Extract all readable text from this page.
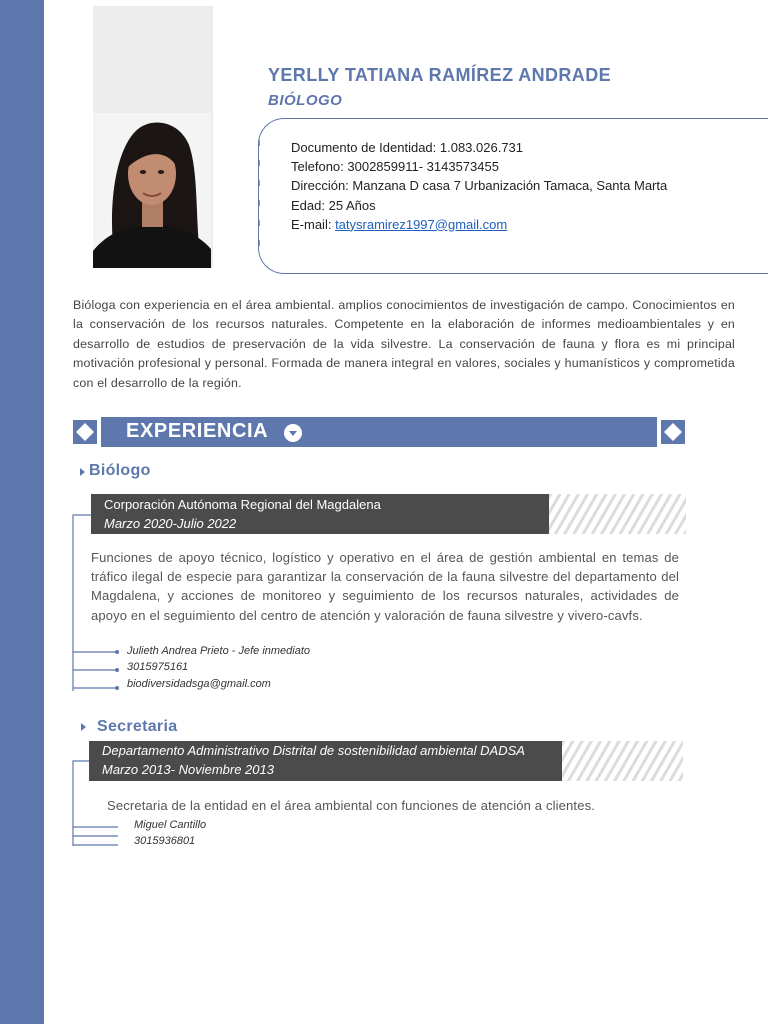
YERLLY TATIANA RAMÍREZ ANDRADE
BIÓLOGO
Documento de Identidad: 1.083.026.731
Telefono: 3002859911- 3143573455
Dirección: Manzana D casa 7 Urbanización Tamaca, Santa Marta
Edad: 25 Años
E-mail: tatysramirez1997@gmail.com

Bióloga con experiencia en el área ambiental. amplios conocimientos de investigación de campo. Conocimientos en la conservación de los recursos naturales. Competente en la elaboración de informes medioambientales y en desarrollo de estudios de preservación de la vida silvestre. La conservación de fauna y flora es mi principal motivación profesional y personal. Formada de manera integral en valores, sociales y humanísticos y comprometida con el desarrollo de la región.

EXPERIENCIA
Biólogo
Corporación Autónoma Regional del Magdalena
Marzo 2020-Julio 2022

Funciones de apoyo técnico, logístico y operativo en el área de gestión ambiental en temas de tráfico ilegal de especie para garantizar la conservación de la fauna silvestre del departamento del Magdalena, y acciones de monitoreo y seguimiento de los recursos naturales, actividades de apoyo en el seguimiento del centro de atención y valoración de fauna silvestre y vivero-cavfs.

Julieth Andrea Prieto - Jefe inmediato
3015975161
biodiversidadsga@gmail.com
Secretaria
Departamento Administrativo Distrital de sostenibilidad ambiental DADSA
Marzo 2013- Noviembre 2013

Secretaria de la entidad en el área ambiental con funciones de atención a clientes.

Miguel Cantillo
3015936801
